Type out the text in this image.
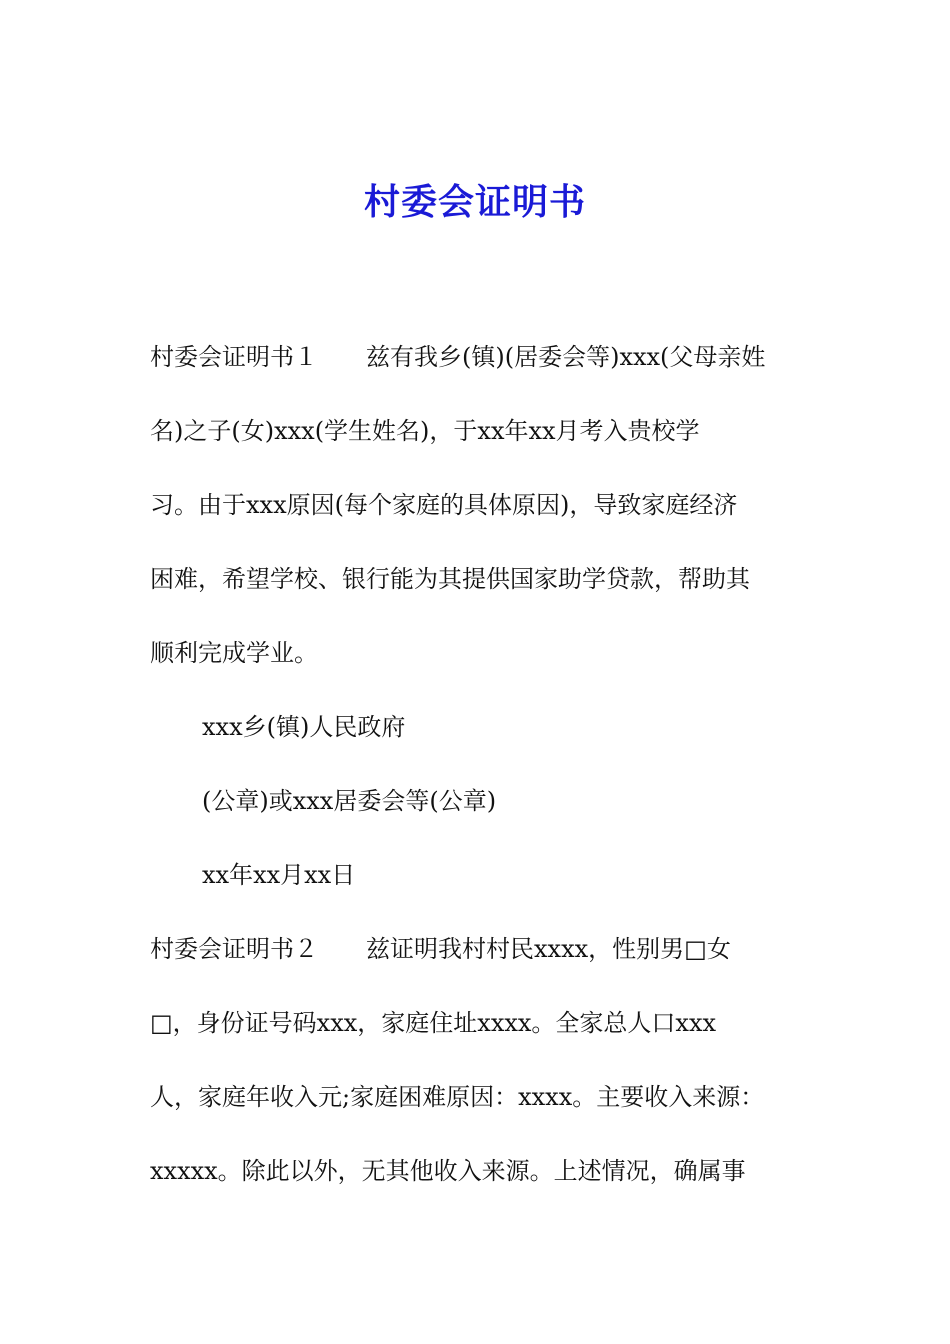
村委会证明书
村委会证明书１　　兹有我乡(镇)(居委会等)xxx(父母亲姓
名)之子(女)xxx(学生姓名)，于xx年xx月考入贵校学
习。由于xxx原因(每个家庭的具体原因)，导致家庭经济
困难，希望学校、银行能为其提供国家助学贷款，帮助其
顺利完成学业。
xxx乡(镇)人民政府
(公章)或xxx居委会等(公章)
xx年xx月xx日
村委会证明书２　　兹证明我村村民xxxx，性别男□女
□，身份证号码xxx，家庭住址xxxx。全家总人口xxx
人，家庭年收入元;家庭困难原因：xxxx。主要收入来源：
xxxxx。除此以外，无其他收入来源。上述情况，确属事
